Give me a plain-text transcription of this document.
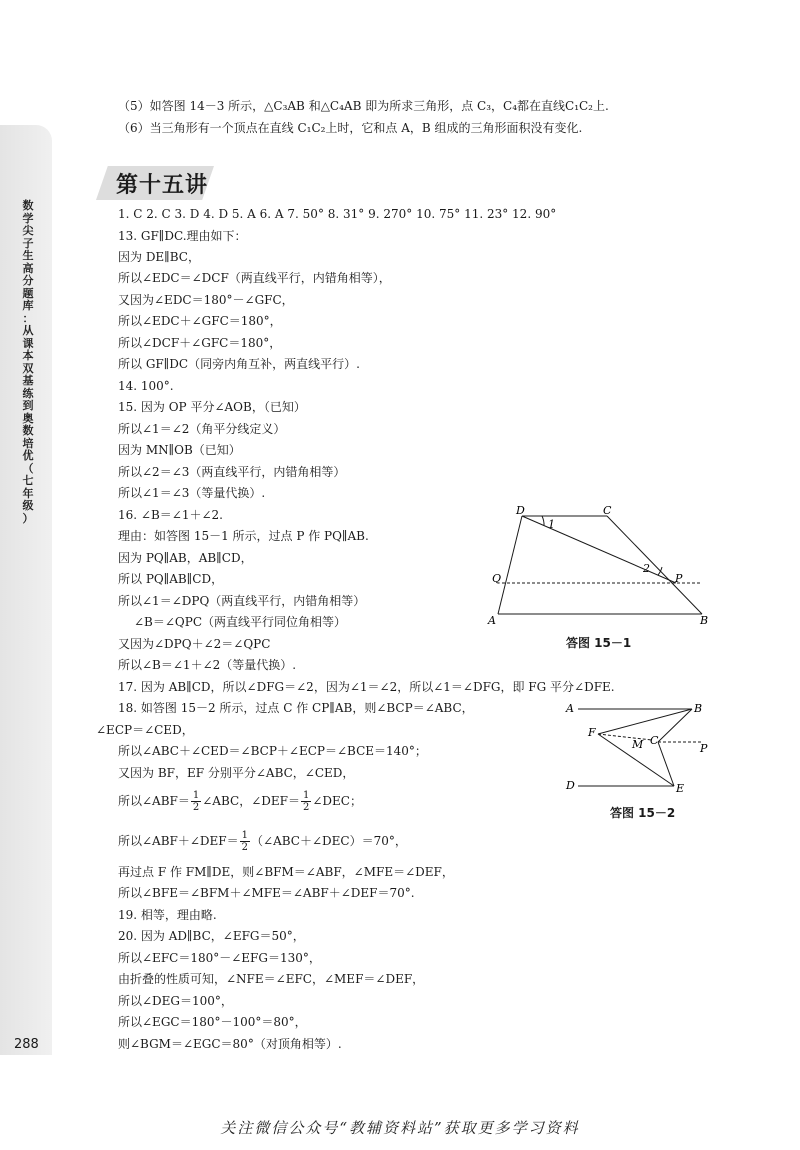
数
学
尖
子
生
高
分
题
库
：
从
课
本
双
基
练
到
奥
数
培
优
（
七
年
级
）
288
（5）如答图 14－3 所示，△C₃AB 和△C₄AB 即为所求三角形，点 C₃，C₄都在直线C₁C₂上.
（6）当三角形有一个顶点在直线 C₁C₂上时，它和点 A，B 组成的三角形面积没有变化.
第十五讲
1. C 2. C 3. D 4. D 5. A 6. A 7. 50° 8. 31° 9. 270° 10. 75° 11. 23° 12. 90°
13. GF∥DC.理由如下：
因为 DE∥BC，
所以∠EDC＝∠DCF（两直线平行，内错角相等），
又因为∠EDC＝180°－∠GFC，
所以∠EDC＋∠GFC＝180°，
所以∠DCF＋∠GFC＝180°，
所以 GF∥DC（同旁内角互补，两直线平行）.
14. 100°.
15. 因为 OP 平分∠AOB，（已知）
所以∠1＝∠2（角平分线定义）
因为 MN∥OB（已知）
所以∠2＝∠3（两直线平行，内错角相等）
所以∠1＝∠3（等量代换）.
16. ∠B＝∠1＋∠2.
理由：如答图 15－1 所示，过点 P 作 PQ∥AB.
因为 PQ∥AB，AB∥CD，
所以 PQ∥AB∥CD，
所以∠1＝∠DPQ（两直线平行，内错角相等）
∠B＝∠QPC（两直线平行同位角相等）
又因为∠DPQ＋∠2＝∠QPC
所以∠B＝∠1＋∠2（等量代换）.
17. 因为 AB∥CD，所以∠DFG＝∠2，因为∠1＝∠2，所以∠1＝∠DFG，即 FG 平分∠DFE.
18. 如答图 15－2 所示，过点 C 作 CP∥AB，则∠BCP＝∠ABC，
∠ECP＝∠CED，
所以∠ABC＋∠CED＝∠BCP＋∠ECP＝∠BCE＝140°；
又因为 BF，EF 分别平分∠ABC，∠CED，
所以∠ABF＝ $\frac{1}{2}$ ∠ABC，∠DEF＝ $\frac{1}{2}$ ∠DEC；
所以∠ABF＋∠DEF＝ $\frac{1}{2}$ （∠ABC＋∠DEC）＝70°，
再过点 F 作 FM∥DE，则∠BFM＝∠ABF，∠MFE＝∠DEF，
所以∠BFE＝∠BFM＋∠MFE＝∠ABF＋∠DEF＝70°.
19. 相等，理由略.
20. 因为 AD∥BC，∠EFG＝50°，
所以∠EFC＝180°－∠EFG＝130°，
由折叠的性质可知，∠NFE＝∠EFC，∠MEF＝∠DEF，
所以∠DEG＝100°，
所以∠EGC＝180°－100°＝80°，
则∠BGM＝∠EGC＝80°（对顶角相等）.
D	C
1
2
Q	P
A	B
答图 15－1
A	B
F
M C
P
D	E
答图 15－2
关注微信公众号“教辅资料站”获取更多学习资料
